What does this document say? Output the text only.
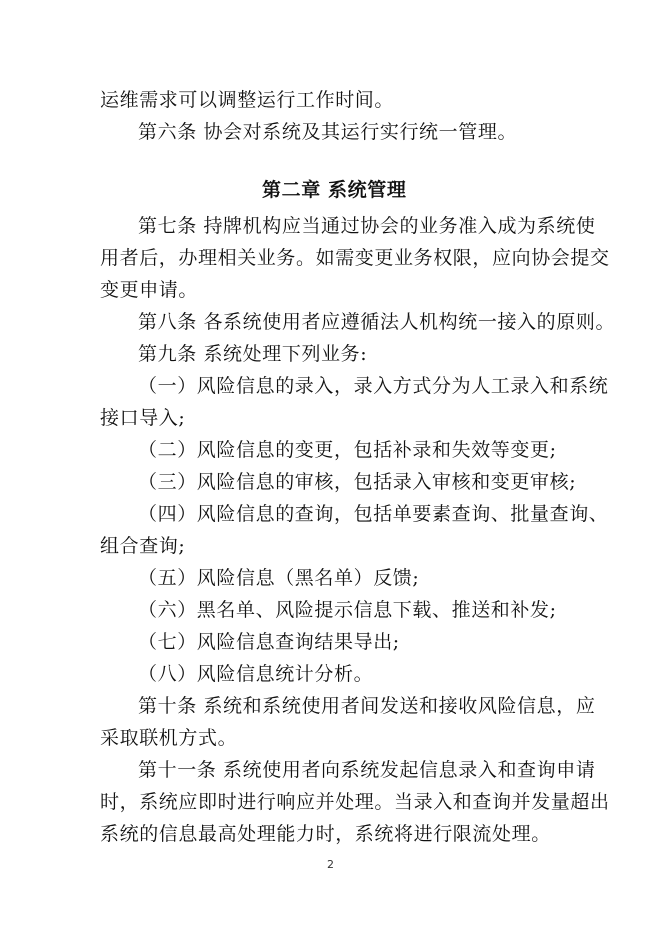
运维需求可以调整运行工作时间。
第六条 协会对系统及其运行实行统一管理。
第二章 系统管理
第七条 持牌机构应当通过协会的业务准入成为系统使
用者后，办理相关业务。如需变更业务权限，应向协会提交
变更申请。
第八条 各系统使用者应遵循法人机构统一接入的原则。
第九条 系统处理下列业务:
（一）风险信息的录入，录入方式分为人工录入和系统
接口导入;
（二）风险信息的变更，包括补录和失效等变更;
（三）风险信息的审核，包括录入审核和变更审核;
（四）风险信息的查询，包括单要素查询、批量查询、
组合查询;
（五）风险信息（黑名单）反馈;
（六）黑名单、风险提示信息下载、推送和补发;
（七）风险信息查询结果导出;
（八）风险信息统计分析。
第十条 系统和系统使用者间发送和接收风险信息，应
采取联机方式。
第十一条 系统使用者向系统发起信息录入和查询申请
时，系统应即时进行响应并处理。当录入和查询并发量超出
系统的信息最高处理能力时，系统将进行限流处理。
2
